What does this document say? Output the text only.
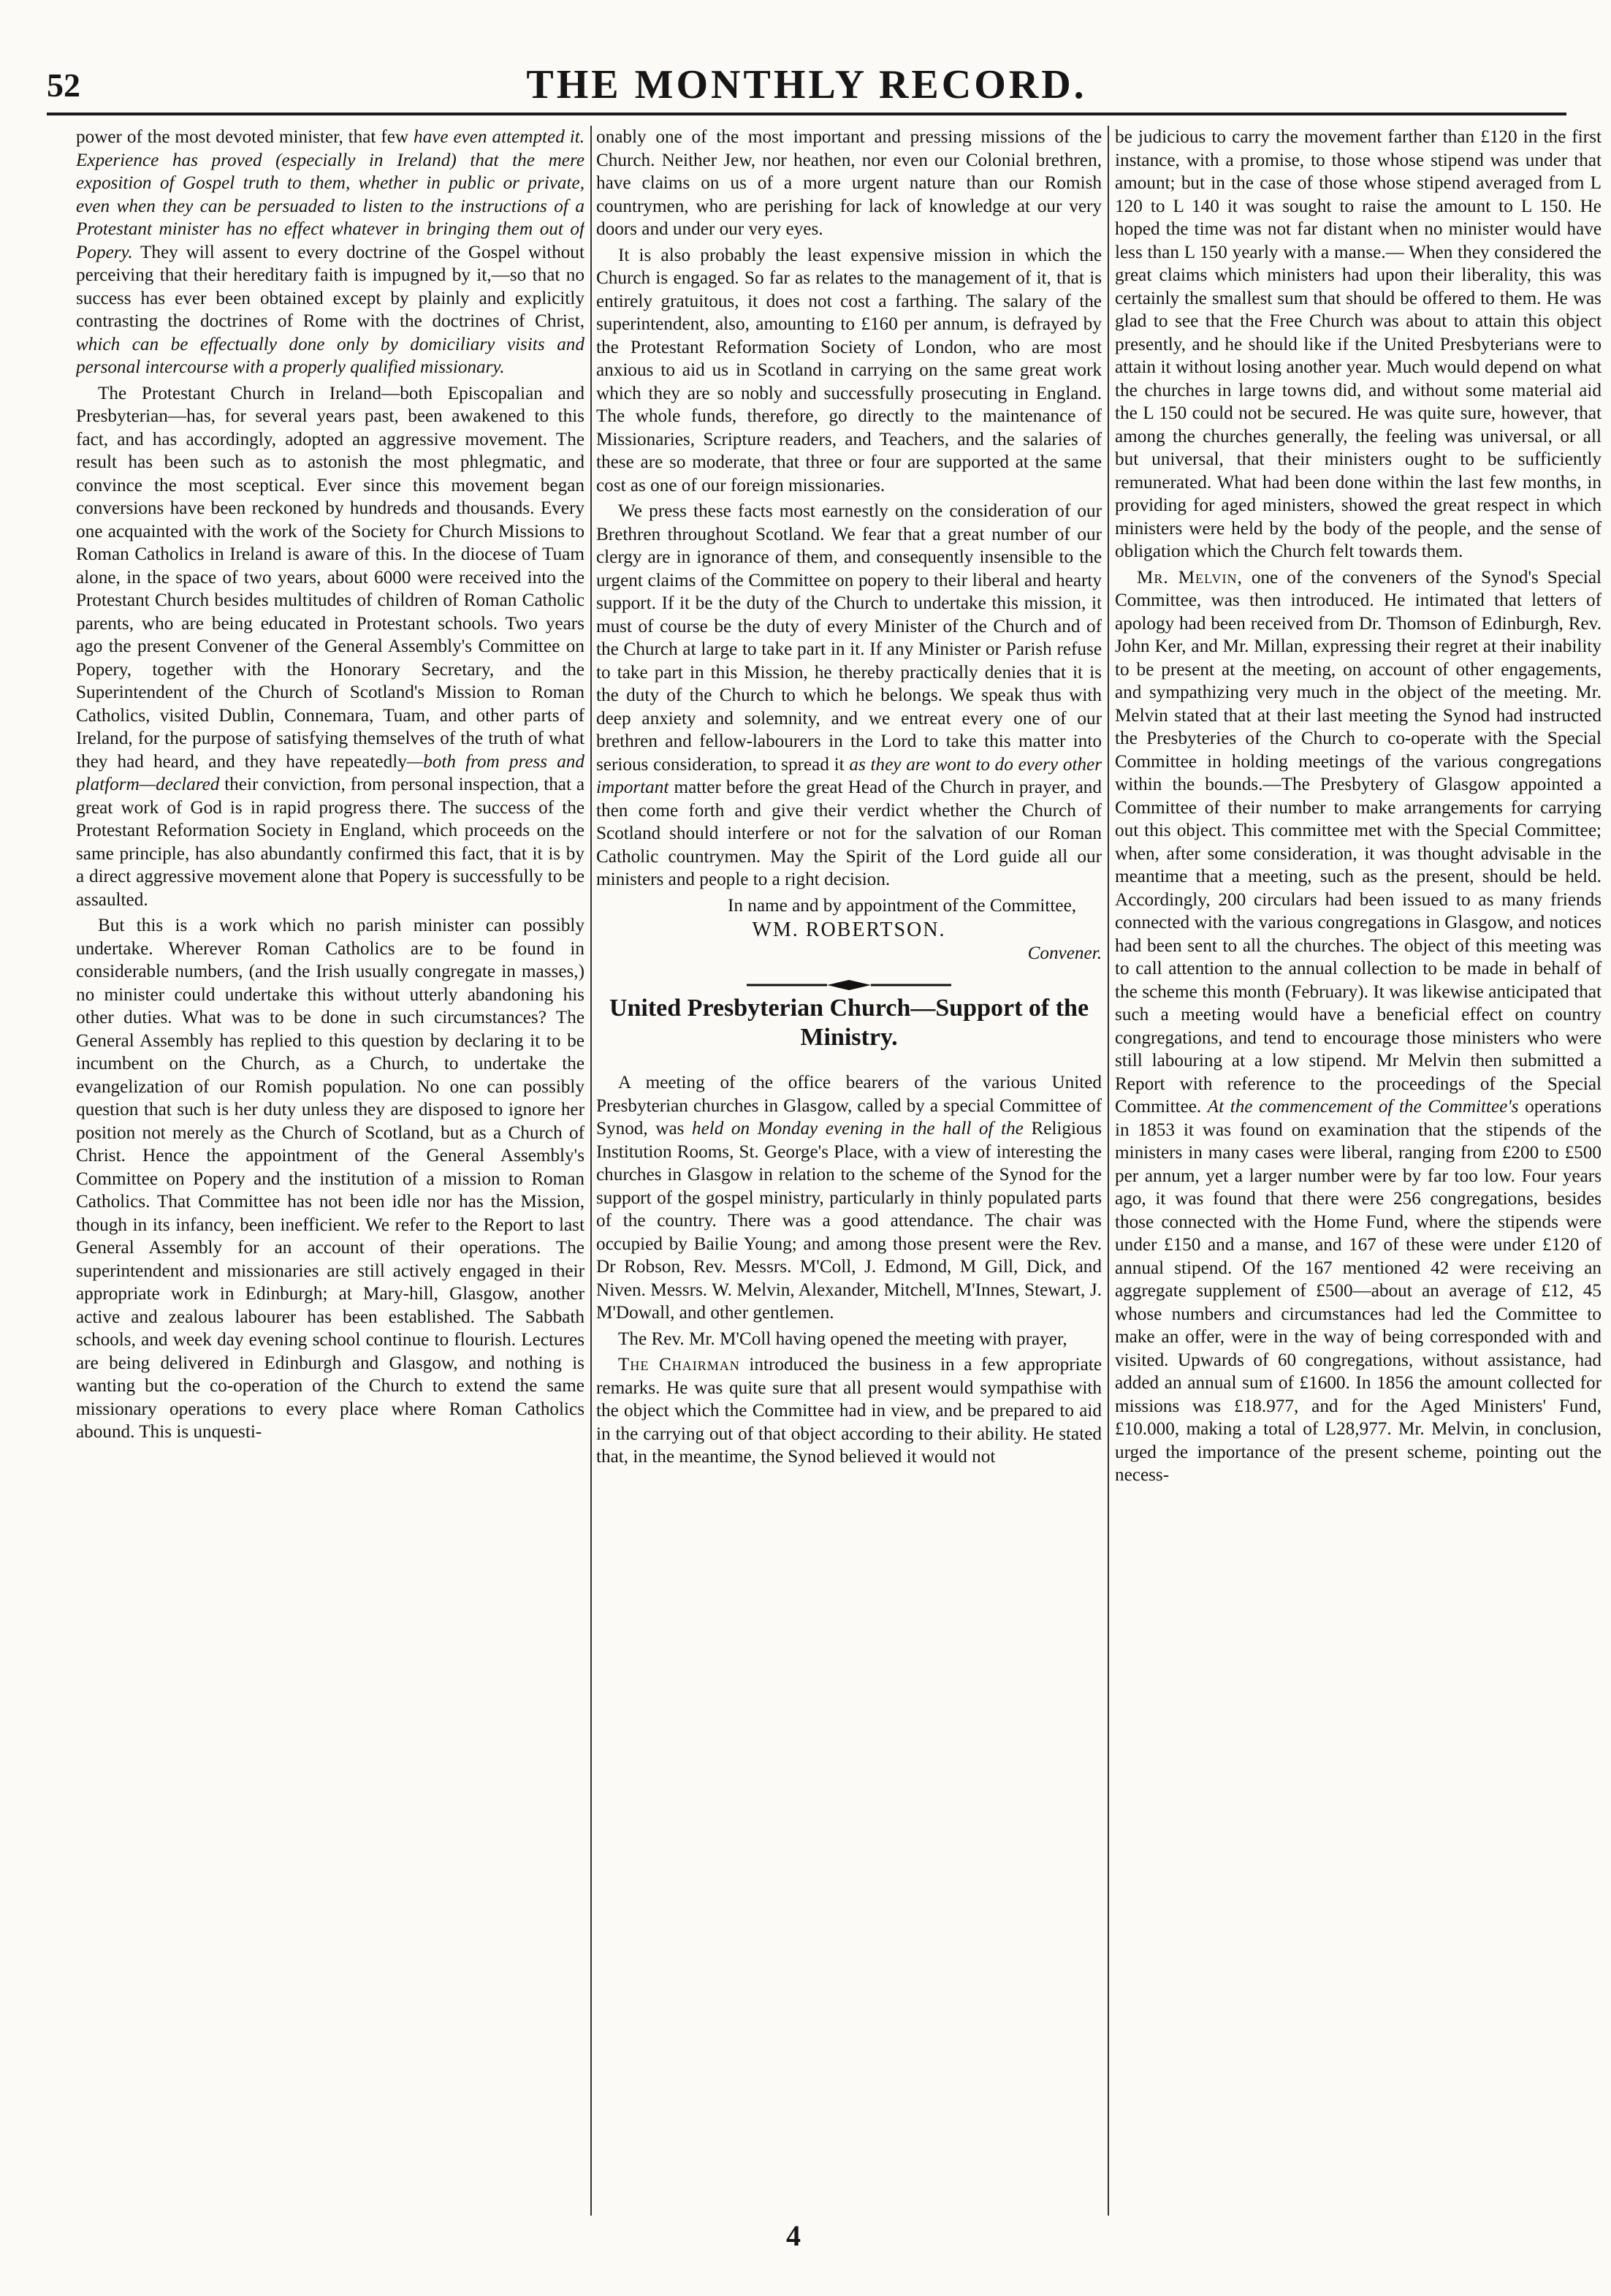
52	THE MONTHLY RECORD.

power of the most devoted minister, that few have even attempted it. Experience has proved (especially in Ireland) that the mere exposition of Gospel truth to them, whether in public or private, even when they can be persuaded to listen to the instructions of a Protestant minister has no effect whatever in bringing them out of Popery. They will assent to every doctrine of the Gospel without perceiving that their hereditary faith is impugned by it,—so that no success has ever been obtained except by plainly and explicitly contrasting the doctrines of Rome with the doctrines of Christ, which can be effectually done only by domiciliary visits and personal intercourse with a properly qualified missionary.

The Protestant Church in Ireland—both Episcopalian and Presbyterian—has, for several years past, been awakened to this fact, and has accordingly, adopted an aggressive movement. The result has been such as to astonish the most phlegmatic, and convince the most sceptical. Ever since this movement began conversions have been reckoned by hundreds and thousands. Every one acquainted with the work of the Society for Church Missions to Roman Catholics in Ireland is aware of this. In the diocese of Tuam alone, in the space of two years, about 6000 were received into the Protestant Church besides multitudes of children of Roman Catholic parents, who are being educated in Protestant schools. Two years ago the present Convener of the General Assembly's Committee on Popery, together with the Honorary Secretary, and the Superintendent of the Church of Scotland's Mission to Roman Catholics, visited Dublin, Connemara, Tuam, and other parts of Ireland, for the purpose of satisfying themselves of the truth of what they had heard, and they have repeatedly—both from press and platform—declared their conviction, from personal inspection, that a great work of God is in rapid progress there. The success of the Protestant Reformation Society in England, which proceeds on the same principle, has also abundantly confirmed this fact, that it is by a direct aggressive movement alone that Popery is successfully to be assaulted.

But this is a work which no parish minister can possibly undertake. Wherever Roman Catholics are to be found in considerable numbers, (and the Irish usually congregate in masses,) no minister could undertake this without utterly abandoning his other duties. What was to be done in such circumstances? The General Assembly has replied to this question by declaring it to be incumbent on the Church, as a Church, to undertake the evangelization of our Romish population. No one can possibly question that such is her duty unless they are disposed to ignore her position not merely as the Church of Scotland, but as a Church of Christ. Hence the appointment of the General Assembly's Committee on Popery and the institution of a mission to Roman Catholics. That Committee has not been idle nor has the Mission, though in its infancy, been inefficient. We refer to the Report to last General Assembly for an account of their operations. The superintendent and missionaries are still actively engaged in their appropriate work in Edinburgh; at Mary-hill, Glasgow, another active and zealous labourer has been established. The Sabbath schools, and week day evening school continue to flourish. Lectures are being delivered in Edinburgh and Glasgow, and nothing is wanting but the co-operation of the Church to extend the same missionary operations to every place where Roman Catholics abound. This is unquesti-

onably one of the most important and pressing missions of the Church. Neither Jew, nor heathen, nor even our Colonial brethren, have claims on us of a more urgent nature than our Romish countrymen, who are perishing for lack of knowledge at our very doors and under our very eyes.

It is also probably the least expensive mission in which the Church is engaged. So far as relates to the management of it, that is entirely gratuitous, it does not cost a farthing. The salary of the superintendent, also, amounting to £160 per annum, is defrayed by the Protestant Reformation Society of London, who are most anxious to aid us in Scotland in carrying on the same great work which they are so nobly and successfully prosecuting in England. The whole funds, therefore, go directly to the maintenance of Missionaries, Scripture readers, and Teachers, and the salaries of these are so moderate, that three or four are supported at the same cost as one of our foreign missionaries.

We press these facts most earnestly on the consideration of our Brethren throughout Scotland. We fear that a great number of our clergy are in ignorance of them, and consequently insensible to the urgent claims of the Committee on popery to their liberal and hearty support. If it be the duty of the Church to undertake this mission, it must of course be the duty of every Minister of the Church and of the Church at large to take part in it. If any Minister or Parish refuse to take part in this Mission, he thereby practically denies that it is the duty of the Church to which he belongs. We speak thus with deep anxiety and solemnity, and we entreat every one of our brethren and fellow-labourers in the Lord to take this matter into serious consideration, to spread it as they are wont to do every other important matter before the great Head of the Church in prayer, and then come forth and give their verdict whether the Church of Scotland should interfere or not for the salvation of our Roman Catholic countrymen. May the Spirit of the Lord guide all our ministers and people to a right decision.

In name and by appointment of the Committee,

WM. ROBERTSON.

Convener.

United Presbyterian Church—Support of the Ministry.

A meeting of the office bearers of the various United Presbyterian churches in Glasgow, called by a special Committee of Synod, was held on Monday evening in the hall of the Religious Institution Rooms, St. George's Place, with a view of interesting the churches in Glasgow in relation to the scheme of the Synod for the support of the gospel ministry, particularly in thinly populated parts of the country. There was a good attendance. The chair was occupied by Bailie Young; and among those present were the Rev. Dr Robson, Rev. Messrs. M'Coll, J. Edmond, M Gill, Dick, and Niven. Messrs. W. Melvin, Alexander, Mitchell, M'Innes, Stewart, J. M'Dowall, and other gentlemen.

The Rev. Mr. M'Coll having opened the meeting with prayer,

The Chairman introduced the business in a few appropriate remarks. He was quite sure that all present would sympathise with the object which the Committee had in view, and be prepared to aid in the carrying out of that object according to their ability. He stated that, in the meantime, the Synod believed it would not

be judicious to carry the movement farther than £120 in the first instance, with a promise, to those whose stipend was under that amount; but in the case of those whose stipend averaged from L 120 to L 140 it was sought to raise the amount to L 150. He hoped the time was not far distant when no minister would have less than L 150 yearly with a manse.— When they considered the great claims which ministers had upon their liberality, this was certainly the smallest sum that should be offered to them. He was glad to see that the Free Church was about to attain this object presently, and he should like if the United Presbyterians were to attain it without losing another year. Much would depend on what the churches in large towns did, and without some material aid the L 150 could not be secured. He was quite sure, however, that among the churches generally, the feeling was universal, or all but universal, that their ministers ought to be sufficiently remunerated. What had been done within the last few months, in providing for aged ministers, showed the great respect in which ministers were held by the body of the people, and the sense of obligation which the Church felt towards them.

Mr. Melvin, one of the conveners of the Synod's Special Committee, was then introduced. He intimated that letters of apology had been received from Dr. Thomson of Edinburgh, Rev. John Ker, and Mr. Millan, expressing their regret at their inability to be present at the meeting, on account of other engagements, and sympathizing very much in the object of the meeting. Mr. Melvin stated that at their last meeting the Synod had instructed the Presbyteries of the Church to co-operate with the Special Committee in holding meetings of the various congregations within the bounds.—The Presbytery of Glasgow appointed a Committee of their number to make arrangements for carrying out this object. This committee met with the Special Committee; when, after some consideration, it was thought advisable in the meantime that a meeting, such as the present, should be held. Accordingly, 200 circulars had been issued to as many friends connected with the various congregations in Glasgow, and notices had been sent to all the churches. The object of this meeting was to call attention to the annual collection to be made in behalf of the scheme this month (February). It was likewise anticipated that such a meeting would have a beneficial effect on country congregations, and tend to encourage those ministers who were still labouring at a low stipend. Mr Melvin then submitted a Report with reference to the proceedings of the Special Committee. At the commencement of the Committee's operations in 1853 it was found on examination that the stipends of the ministers in many cases were liberal, ranging from £200 to £500 per annum, yet a larger number were by far too low. Four years ago, it was found that there were 256 congregations, besides those connected with the Home Fund, where the stipends were under £150 and a manse, and 167 of these were under £120 of annual stipend. Of the 167 mentioned 42 were receiving an aggregate supplement of £500—about an average of £12, 45 whose numbers and circumstances had led the Committee to make an offer, were in the way of being corresponded with and visited. Upwards of 60 congregations, without assistance, had added an annual sum of £1600. In 1856 the amount collected for missions was £18.977, and for the Aged Ministers' Fund, £10.000, making a total of L28,977. Mr. Melvin, in conclusion, urged the importance of the present scheme, pointing out the necess-

4
